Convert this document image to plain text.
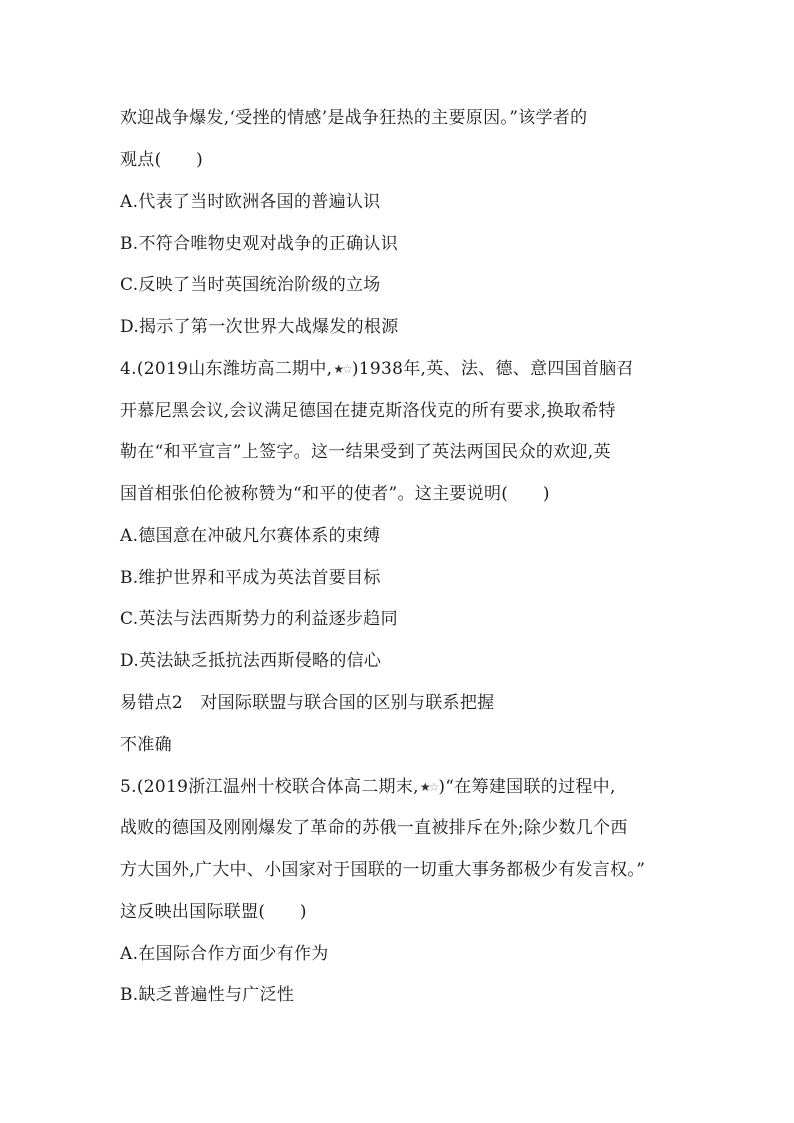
欢迎战争爆发,‘受挫的情感’是战争狂热的主要原因。”该学者的
观点(　　)
A.代表了当时欧洲各国的普遍认识
B.不符合唯物史观对战争的正确认识
C.反映了当时英国统治阶级的立场
D.揭示了第一次世界大战爆发的根源
4.(2019山东潍坊高二期中,★☆)1938年,英、法、德、意四国首脑召
开慕尼黑会议,会议满足德国在捷克斯洛伐克的所有要求,换取希特
勒在“和平宣言”上签字。这一结果受到了英法两国民众的欢迎,英
国首相张伯伦被称赞为“和平的使者”。这主要说明(　　)
A.德国意在冲破凡尔赛体系的束缚
B.维护世界和平成为英法首要目标
C.英法与法西斯势力的利益逐步趋同
D.英法缺乏抵抗法西斯侵略的信心
易错点2　对国际联盟与联合国的区别与联系把握
不准确
5.(2019浙江温州十校联合体高二期末,★☆)“在筹建国联的过程中,
战败的德国及刚刚爆发了革命的苏俄一直被排斥在外;除少数几个西
方大国外,广大中、小国家对于国联的一切重大事务都极少有发言权。”
这反映出国际联盟(　　)
A.在国际合作方面少有作为
B.缺乏普遍性与广泛性
